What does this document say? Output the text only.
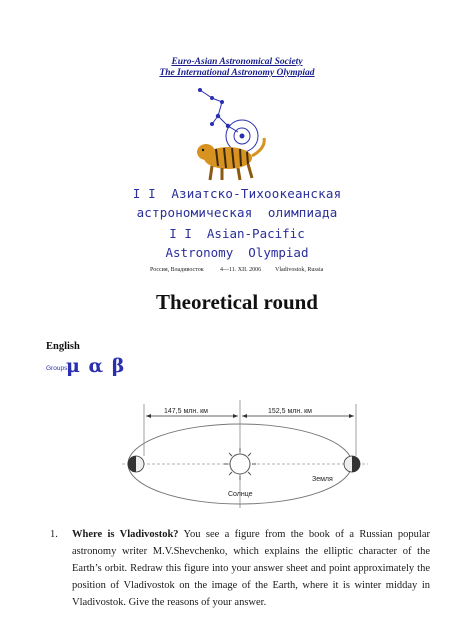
Euro-Asian Astronomical Society
The International Astronomy Olympiad
I I  Азиатско-Тихоокеанская
астрономическая  олимпиада
I I  Asian-Pacific
Astronomy  Olympiad
Россия, Владивосток	4—11. XII. 2006 Vladivostok, Russia
Theoretical round
English
Groups
μ α β
147,5 млн. км	152,5 млн. км
Солнце
Земля
1. Where is Vladivostok? You see a figure from the book of a Russian popular astronomy writer M.V.Shevchenko, which explains the elliptic character of the Earth’s orbit. Redraw this figure into your answer sheet and point approximately the position of Vladivostok on the image of the Earth, where it is winter midday in Vladivostok. Give the reasons of your answer.
